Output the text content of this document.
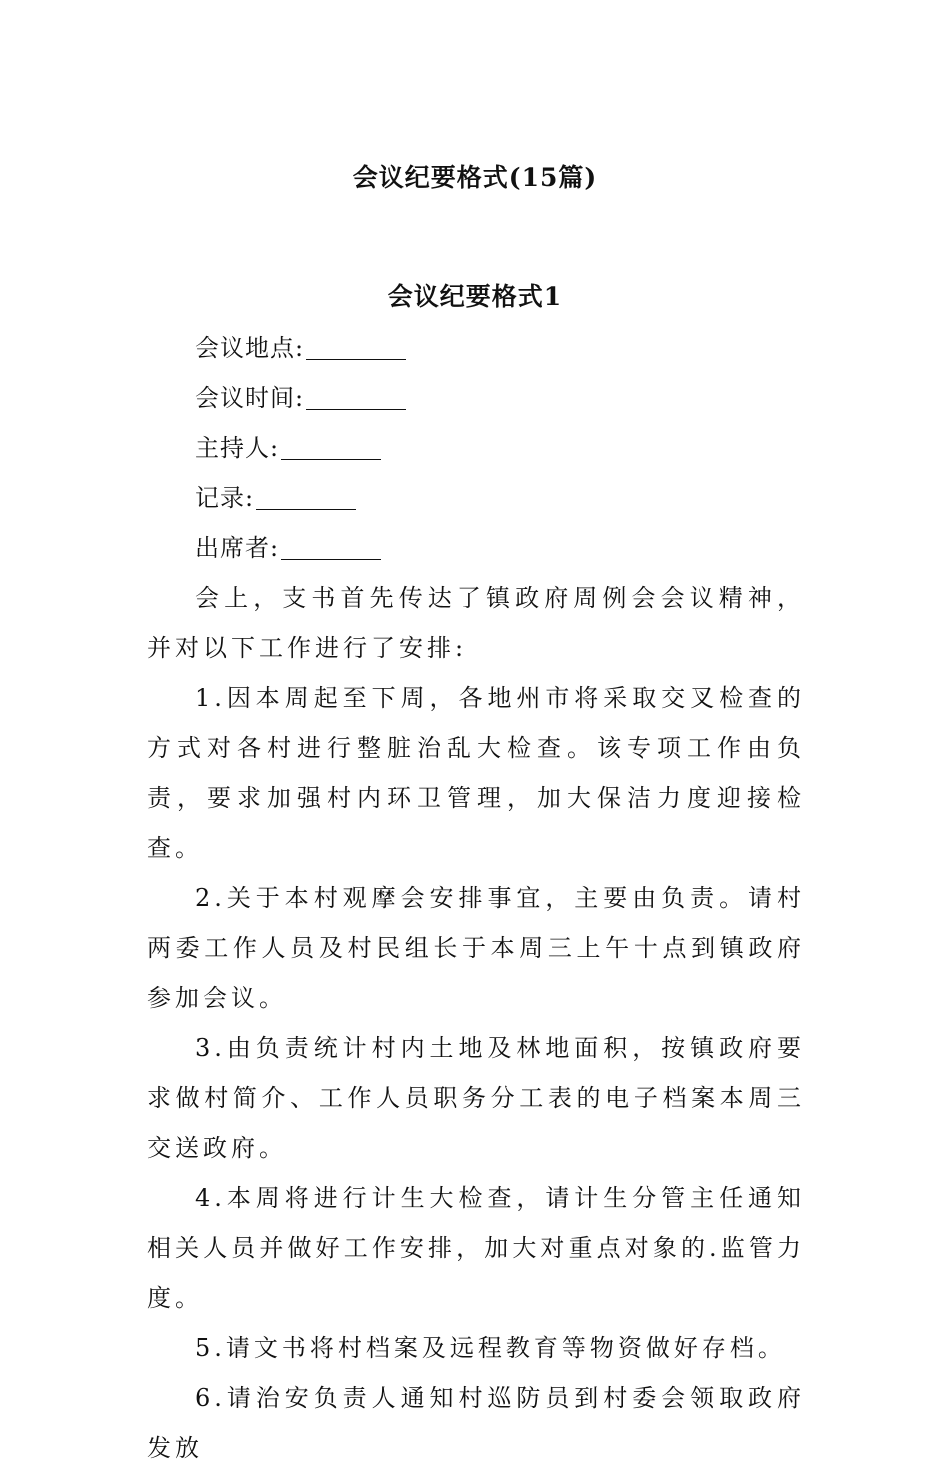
会议纪要格式(15篇)
会议纪要格式1
会议地点:
会议时间:
主持人:
记录:
出席者:

会上，支书首先传达了镇政府周例会会议精神，并对以下工作进行了安排:

1.因本周起至下周，各地州市将采取交叉检查的方式对各村进行整脏治乱大检查。该专项工作由负责，要求加强村内环卫管理，加大保洁力度迎接检查。

2.关于本村观摩会安排事宜，主要由负责。请村两委工作人员及村民组长于本周三上午十点到镇政府参加会议。

3.由负责统计村内土地及林地面积，按镇政府要求做村简介、工作人员职务分工表的电子档案本周三交送政府。

4.本周将进行计生大检查，请计生分管主任通知相关人员并做好工作安排，加大对重点对象的.监管力度。

5.请文书将村档案及远程教育等物资做好存档。

6.请治安负责人通知村巡防员到村委会领取政府发放
